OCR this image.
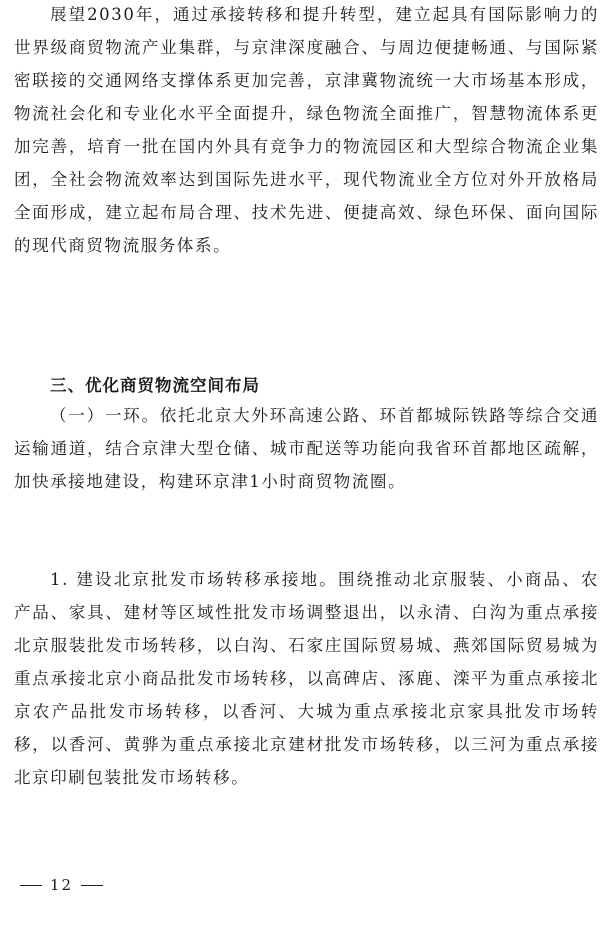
展望2030年，通过承接转移和提升转型，建立起具有国际影响力的世界级商贸物流产业集群，与京津深度融合、与周边便捷畅通、与国际紧密联接的交通网络支撑体系更加完善，京津冀物流统一大市场基本形成，物流社会化和专业化水平全面提升，绿色物流全面推广，智慧物流体系更加完善，培育一批在国内外具有竞争力的物流园区和大型综合物流企业集团，全社会物流效率达到国际先进水平，现代物流业全方位对外开放格局全面形成，建立起布局合理、技术先进、便捷高效、绿色环保、面向国际的现代商贸物流服务体系。

三、优化商贸物流空间布局

（一）一环。依托北京大外环高速公路、环首都城际铁路等综合交通运输通道，结合京津大型仓储、城市配送等功能向我省环首都地区疏解，加快承接地建设，构建环京津1小时商贸物流圈。

1. 建设北京批发市场转移承接地。围绕推动北京服装、小商品、农产品、家具、建材等区域性批发市场调整退出，以永清、白沟为重点承接北京服装批发市场转移，以白沟、石家庄国际贸易城、燕郊国际贸易城为重点承接北京小商品批发市场转移，以高碑店、涿鹿、滦平为重点承接北京农产品批发市场转移，以香河、大城为重点承接北京家具批发市场转移，以香河、黄骅为重点承接北京建材批发市场转移，以三河为重点承接北京印刷包装批发市场转移。

12
